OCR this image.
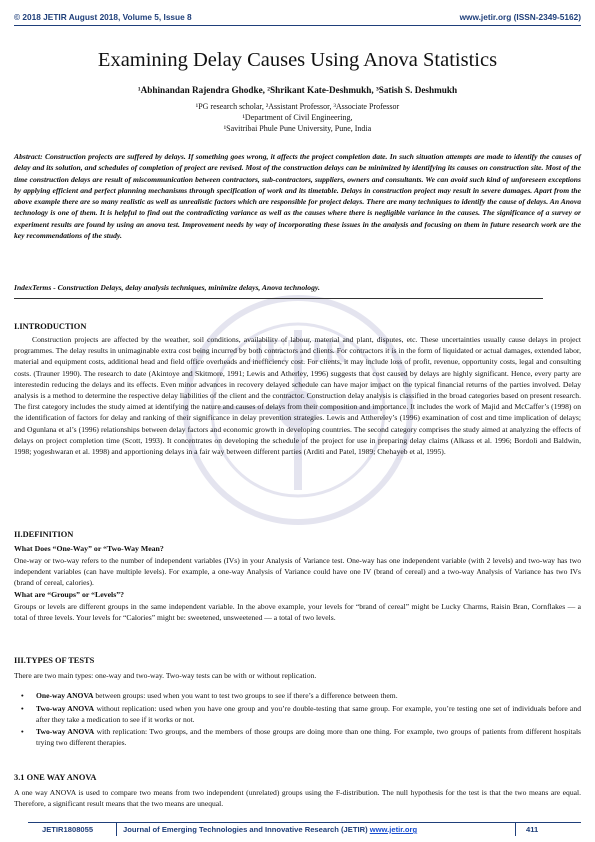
© 2018 JETIR August 2018, Volume 5, Issue 8	www.jetir.org (ISSN-2349-5162)
JETIR
Examining Delay Causes Using Anova Statistics
¹Abhinandan Rajendra Ghodke, ²Shrikant Kate-Deshmukh, ³Satish S. Deshmukh
¹PG research scholar, ²Assistant Professor, ³Associate Professor
¹Department of Civil Engineering,
¹Savitribai Phule Pune University, Pune, India
Abstract: Construction projects are suffered by delays. If something goes wrong, it affects the project completion date. In such situation attempts are made to identify the causes of delay and its solution, and schedules of completion of project are revised. Most of the construction delays can be minimized by identifying its causes on construction site. Most of the time construction delays are result of miscommunication between contractors, sub-contractors, suppliers, owners and consultants. We can avoid such kind of unforeseen exceptions by applying efficient and perfect planning mechanisms through specification of work and its timetable. Delays in construction project may result in severe damages. Apart from the above example there are so many realistic as well as unrealistic factors which are responsible for project delays. There are many techniques to identify the cause of delays. An Anova technology is one of them. It is helpful to find out the contradicting variance as well as the causes where there is negligible variance in the causes. The significance of a survey or experiment results are found by using an anova test. Improvement needs by way of incorporating these issues in the analysis and focusing on them in future research work are the key recommendations of the study.
IndexTerms - Construction Delays, delay analysis techniques, minimize delays, Anova technology.
I.INTRODUCTION
Construction projects are affected by the weather, soil conditions, availability of labour, material and plant, disputes, etc. These uncertainties usually cause delays in project programmes. The delay results in unimaginable extra cost being incurred by both contractors and clients. For contractors it is in the form of liquidated or actual damages, extended labor, material and equipment costs, additional head and field office overheads and inefficiency cost. For clients, it may include loss of profit, revenue, opportunity costs, legal and consulting costs. (Trauner 1990). The research to date (Akintoye and Skitmore, 1991; Lewis and Atherley, 1996) suggests that cost caused by delays are highly significant. Hence, every party are interestedin reducing the delays and its effects. Even minor advances in recovery delayed schedule can have major impact on the typical financial returns of the parties involved. Delay analysis is a method to determine the respective delay liabilities of the client and the contractor. Construction delay analysis is classified in the broad categories based on present research. The first category includes the study aimed at identifying the nature and causes of delays from their composition and importance. It includes the work of Majid and McCaffer’s (1998) on the identification of factors for delay and ranking of their significance in delay prevention strategies. Lewis and Atthereley’s (1996) examination of cost and time implication of delays; and Ogunlana et al’s (1996) relationships between delay factors and economic growth in developing countries. The second category comprises the study aimed at analyzing the effects of delays on project completion time (Scott, 1993). It concentrates on developing the schedule of the project for use in preparing delay claims (Alkass et al. 1996; Bordoli and Baldwin, 1998; yogeshwaran et al. 1998) and apportioning delays in a fair way between different parties (Arditi and Patel, 1989; Chehayeb et al, 1995).
II.DEFINITION
What Does “One-Way” or “Two-Way Mean?
One-way or two-way refers to the number of independent variables (IVs) in your Analysis of Variance test. One-way has one independent variable (with 2 levels) and two-way has two independent variables (can have multiple levels). For example, a one-way Analysis of Variance could have one IV (brand of cereal) and a two-way Analysis of Variance has two IVs (brand of cereal, calories).
What are “Groups” or “Levels”?
Groups or levels are different groups in the same independent variable. In the above example, your levels for “brand of cereal” might be Lucky Charms, Raisin Bran, Cornflakes — a total of three levels. Your levels for “Calories” might be: sweetened, unsweetened — a total of two levels.
III.TYPES OF TESTS
There are two main types: one-way and two-way. Two-way tests can be with or without replication.
• One-way ANOVA between groups: used when you want to test two groups to see if there’s a difference between them.
• Two-way ANOVA without replication: used when you have one group and you’re double-testing that same group. For example, you’re testing one set of individuals before and after they take a medication to see if it works or not.
• Two-way ANOVA with replication: Two groups, and the members of those groups are doing more than one thing. For example, two groups of patients from different hospitals trying two different therapies.
3.1 ONE WAY ANOVA
A one way ANOVA is used to compare two means from two independent (unrelated) groups using the F-distribution. The null hypothesis for the test is that the two means are equal. Therefore, a significant result means that the two means are unequal.
JETIR1808055	Journal of Emerging Technologies and Innovative Research (JETIR) www.jetir.org	411
